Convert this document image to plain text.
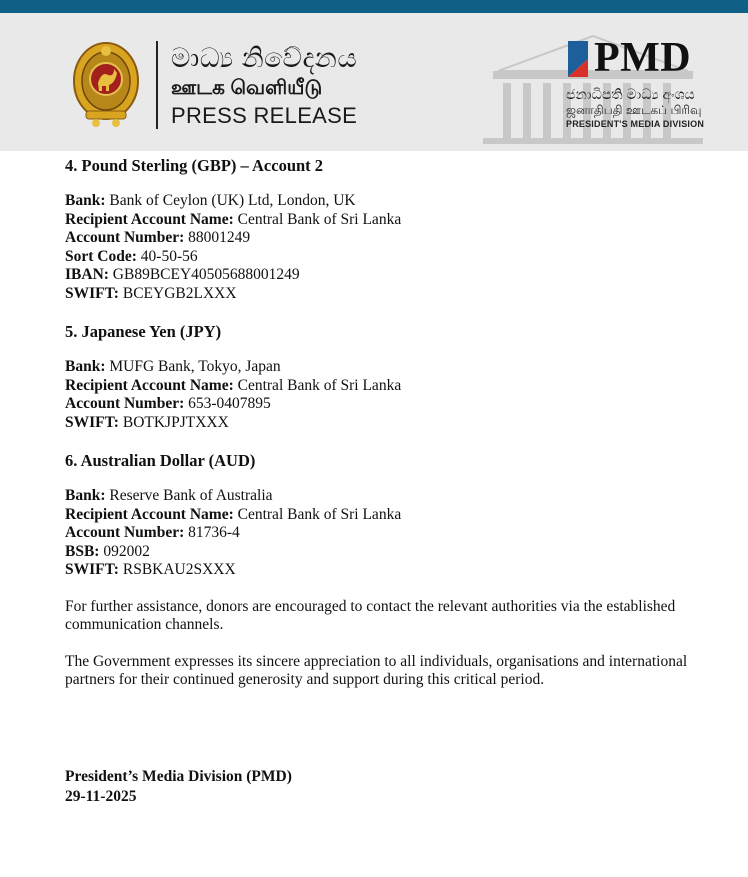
මාධ්‍ය නිවේදනය
ஊடக வெளியீடு
PRESS RELEASE
PMD
ජනාධිපති මාධ්‍ය අංශය
ஜனாதிபதி ஊடகப் பிரிவு
PRESIDENT'S MEDIA DIVISION
4. Pound Sterling (GBP) – Account 2
Bank: Bank of Ceylon (UK) Ltd, London, UK
Recipient Account Name: Central Bank of Sri Lanka
Account Number: 88001249
Sort Code: 40-50-56
IBAN: GB89BCEY40505688001249
SWIFT: BCEYGB2LXXX
5. Japanese Yen (JPY)
Bank: MUFG Bank, Tokyo, Japan
Recipient Account Name: Central Bank of Sri Lanka
Account Number: 653-0407895
SWIFT: BOTKJPJTXXX
6. Australian Dollar (AUD)
Bank: Reserve Bank of Australia
Recipient Account Name: Central Bank of Sri Lanka
Account Number: 81736-4
BSB: 092002
SWIFT: RSBKAU2SXXX

For further assistance, donors are encouraged to contact the relevant authorities via the established communication channels.

The Government expresses its sincere appreciation to all individuals, organisations and international partners for their continued generosity and support during this critical period.

President’s Media Division (PMD)
29-11-2025
